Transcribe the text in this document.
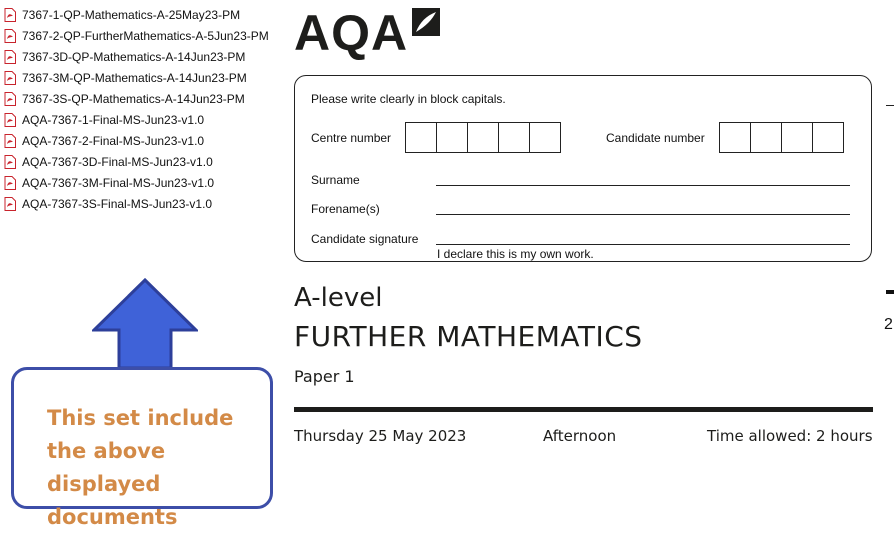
7367-1-QP-Mathematics-A-25May23-PM
7367-2-QP-FurtherMathematics-A-5Jun23-PM
7367-3D-QP-Mathematics-A-14Jun23-PM
7367-3M-QP-Mathematics-A-14Jun23-PM
7367-3S-QP-Mathematics-A-14Jun23-PM
AQA-7367-1-Final-MS-Jun23-v1.0
AQA-7367-2-Final-MS-Jun23-v1.0
AQA-7367-3D-Final-MS-Jun23-v1.0
AQA-7367-3M-Final-MS-Jun23-v1.0
AQA-7367-3S-Final-MS-Jun23-v1.0
This set include the above displayed documents
AQA
Please write clearly in block capitals.
Centre number	Candidate number
Surname
Forename(s)
Candidate signature
I declare this is my own work.
A-level
FURTHER MATHEMATICS
Paper 1
Thursday 25 May 2023	Afternoon	Time allowed: 2 hours
2
